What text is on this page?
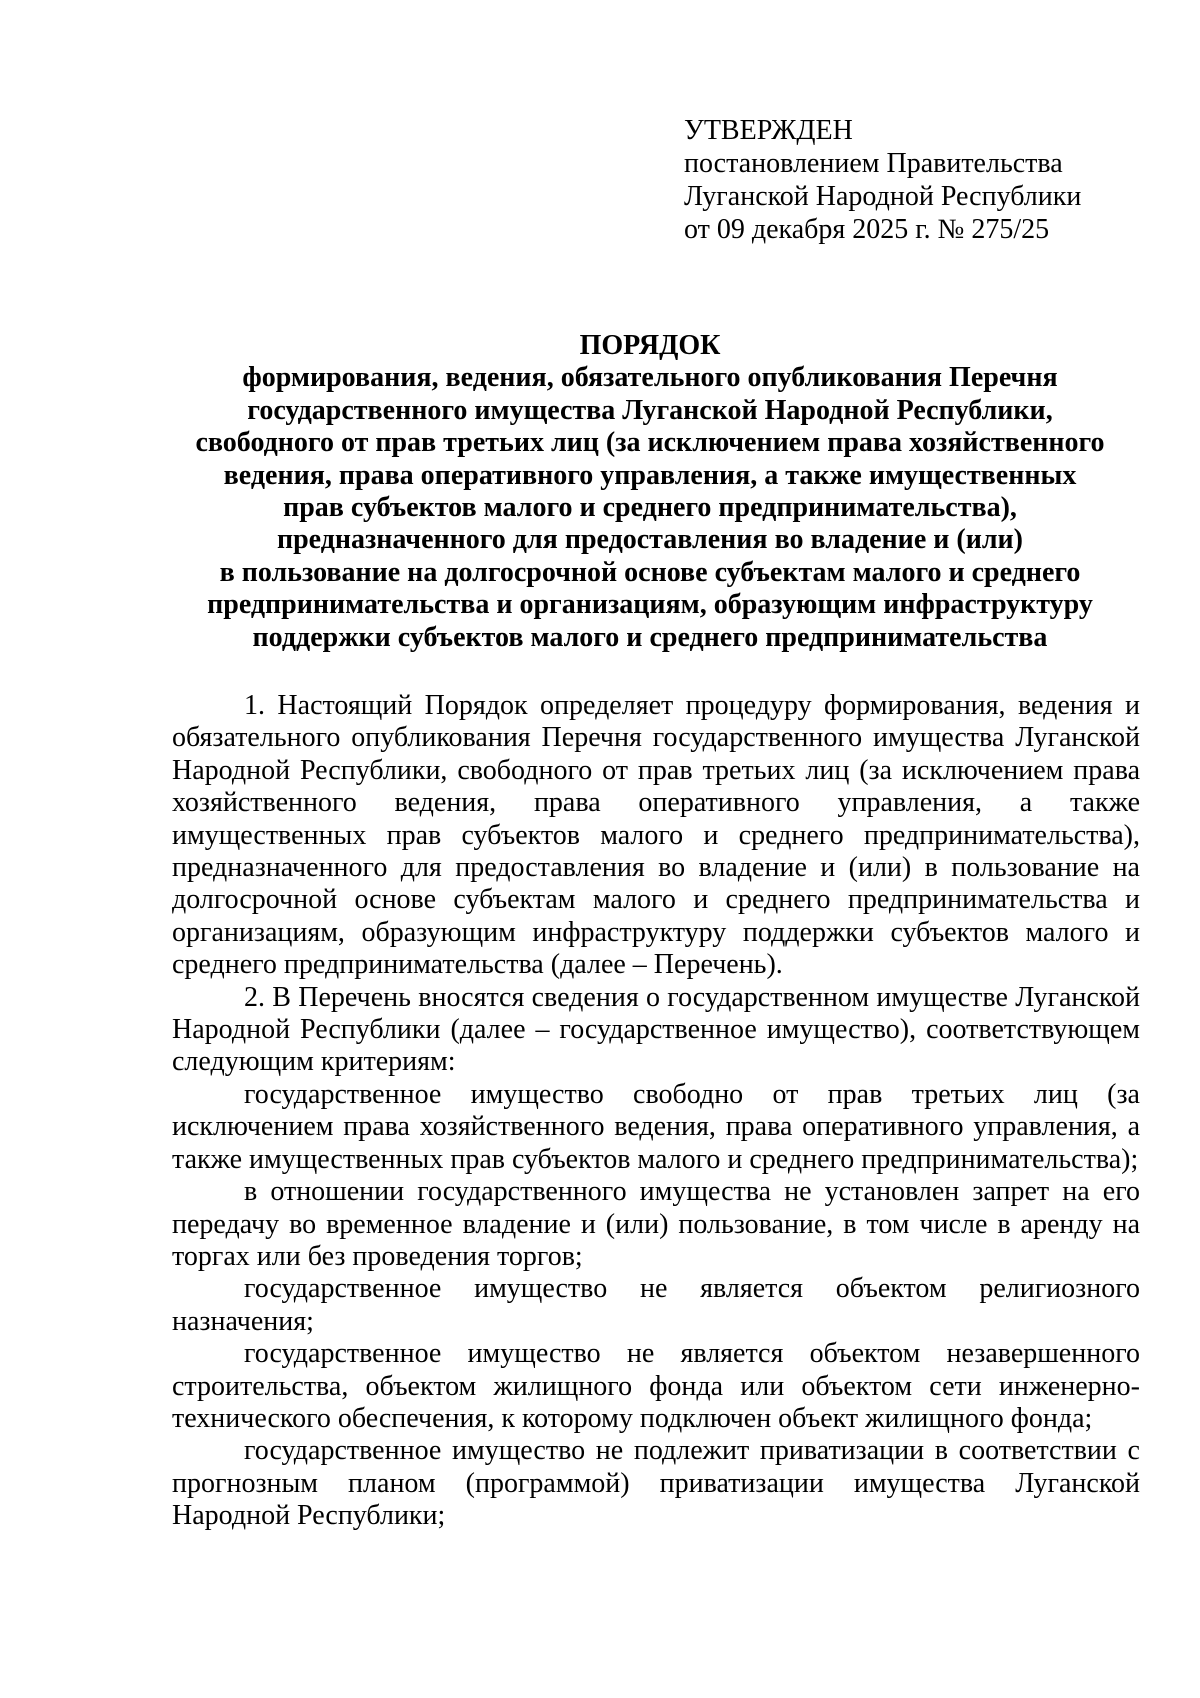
УТВЕРЖДЕН
постановлением Правительства
Луганской Народной Республики
от 09 декабря 2025 г. № 275/25
ПОРЯДОК
формирования, ведения, обязательного опубликования Перечня
государственного имущества Луганской Народной Республики,
свободного от прав третьих лиц (за исключением права хозяйственного
ведения, права оперативного управления, а также имущественных
прав субъектов малого и среднего предпринимательства),
предназначенного для предоставления во владение и (или)
в пользование на долгосрочной основе субъектам малого и среднего
предпринимательства и организациям, образующим инфраструктуру
поддержки субъектов малого и среднего предпринимательства

1. Настоящий Порядок определяет процедуру формирования, ведения и обязательного опубликования Перечня государственного имущества Луганской Народной Республики, свободного от прав третьих лиц (за исключением права хозяйственного ведения, права оперативного управления, а также имущественных прав субъектов малого и среднего предпринимательства), предназначенного для предоставления во владение и (или) в пользование на долгосрочной основе субъектам малого и среднего предпринимательства и организациям, образующим инфраструктуру поддержки субъектов малого и среднего предпринимательства (далее – Перечень).

2. В Перечень вносятся сведения о государственном имуществе Луганской Народной Республики (далее – государственное имущество), соответствующем следующим критериям:

государственное имущество свободно от прав третьих лиц (за исключением права хозяйственного ведения, права оперативного управления, а также имущественных прав субъектов малого и среднего предпринимательства);

в отношении государственного имущества не установлен запрет на его передачу во временное владение и (или) пользование, в том числе в аренду на торгах или без проведения торгов;

государственное имущество не является объектом религиозного назначения;

государственное имущество не является объектом незавершенного строительства, объектом жилищного фонда или объектом сети инженерно-технического обеспечения, к которому подключен объект жилищного фонда;

государственное имущество не подлежит приватизации в соответствии с прогнозным планом (программой) приватизации имущества Луганской Народной Республики;
